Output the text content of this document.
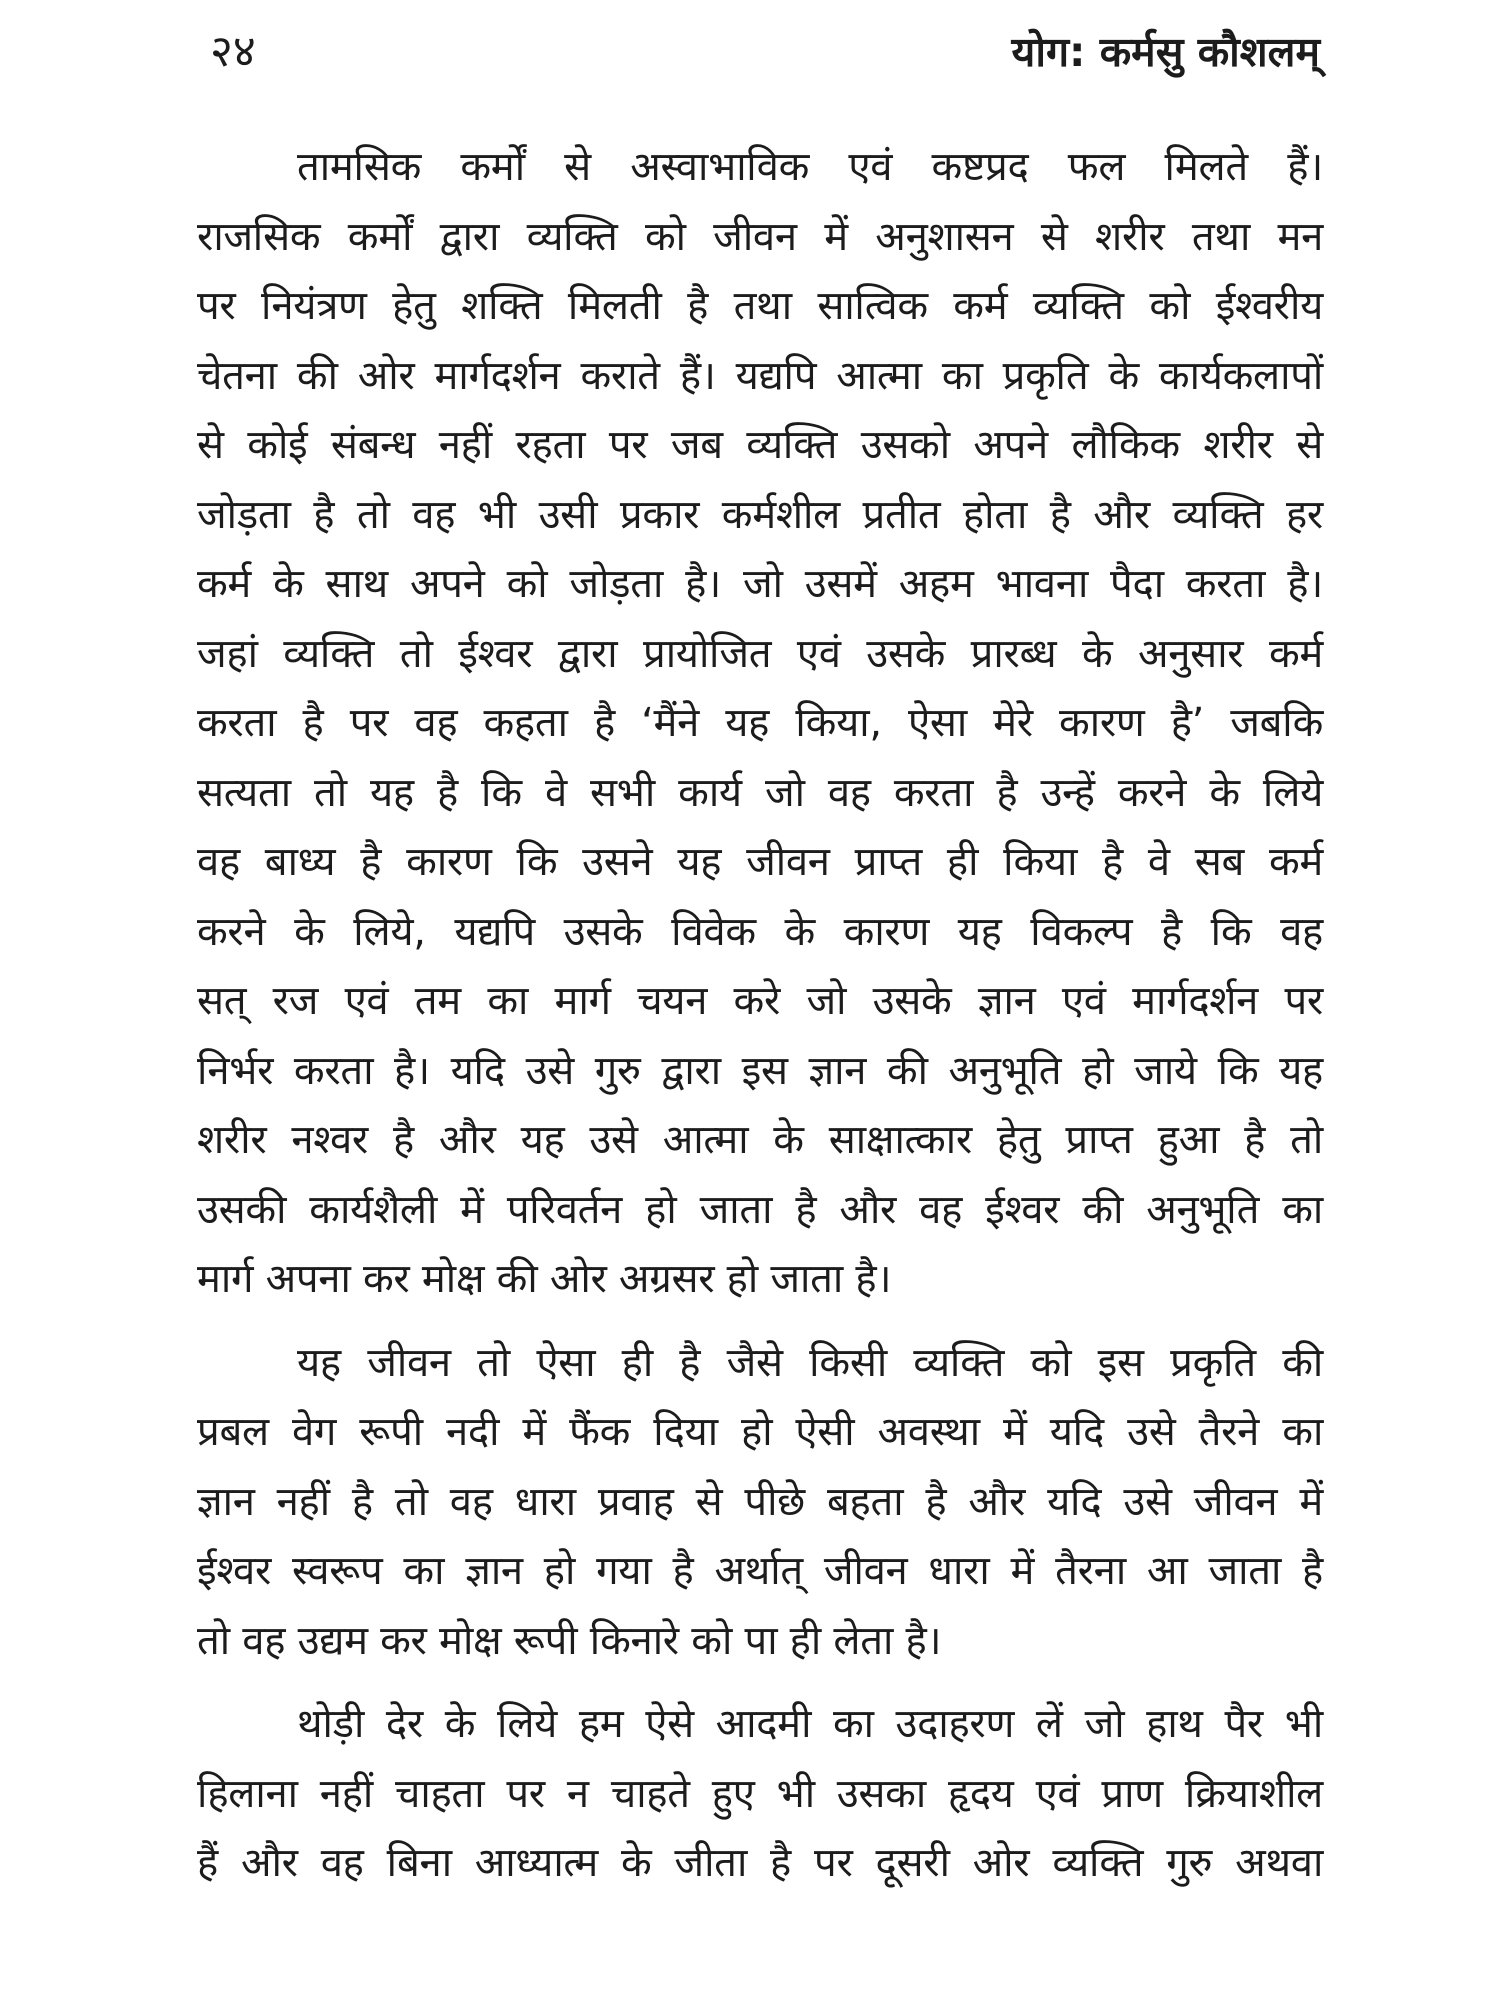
२४	योग: कर्मसु कौशलम्

तामसिक कर्मों से अस्वाभाविक एवं कष्टप्रद फल मिलते हैं।
राजसिक कर्मों द्वारा व्यक्ति को जीवन में अनुशासन से शरीर तथा मन
पर नियंत्रण हेतु शक्ति मिलती है तथा सात्विक कर्म व्यक्ति को ईश्वरीय
चेतना की ओर मार्गदर्शन कराते हैं। यद्यपि आत्मा का प्रकृति के कार्यकलापों
से कोई संबन्ध नहीं रहता पर जब व्यक्ति उसको अपने लौकिक शरीर से
जोड़ता है तो वह भी उसी प्रकार कर्मशील प्रतीत होता है और व्यक्ति हर
कर्म के साथ अपने को जोड़ता है। जो उसमें अहम भावना पैदा करता है।
जहां व्यक्ति तो ईश्वर द्वारा प्रायोजित एवं उसके प्रारब्ध के अनुसार कर्म
करता है पर वह कहता है ‘मैंने यह किया, ऐसा मेरे कारण है’ जबकि
सत्यता तो यह है कि वे सभी कार्य जो वह करता है उन्हें करने के लिये
वह बाध्य है कारण कि उसने यह जीवन प्राप्त ही किया है वे सब कर्म
करने के लिये, यद्यपि उसके विवेक के कारण यह विकल्प है कि वह
सत् रज एवं तम का मार्ग चयन करे जो उसके ज्ञान एवं मार्गदर्शन पर
निर्भर करता है। यदि उसे गुरु द्वारा इस ज्ञान की अनुभूति हो जाये कि यह
शरीर नश्वर है और यह उसे आत्मा के साक्षात्कार हेतु प्राप्त हुआ है तो
उसकी कार्यशैली में परिवर्तन हो जाता है और वह ईश्वर की अनुभूति का
मार्ग अपना कर मोक्ष की ओर अग्रसर हो जाता है।

यह जीवन तो ऐसा ही है जैसे किसी व्यक्ति को इस प्रकृति की
प्रबल वेग रूपी नदी में फैंक दिया हो ऐसी अवस्था में यदि उसे तैरने का
ज्ञान नहीं है तो वह धारा प्रवाह से पीछे बहता है और यदि उसे जीवन में
ईश्वर स्वरूप का ज्ञान हो गया है अर्थात् जीवन धारा में तैरना आ जाता है
तो वह उद्यम कर मोक्ष रूपी किनारे को पा ही लेता है।

थोड़ी देर के लिये हम ऐसे आदमी का उदाहरण लें जो हाथ पैर भी
हिलाना नहीं चाहता पर न चाहते हुए भी उसका हृदय एवं प्राण क्रियाशील
हैं और वह बिना आध्यात्म के जीता है पर दूसरी ओर व्यक्ति गुरु अथवा
